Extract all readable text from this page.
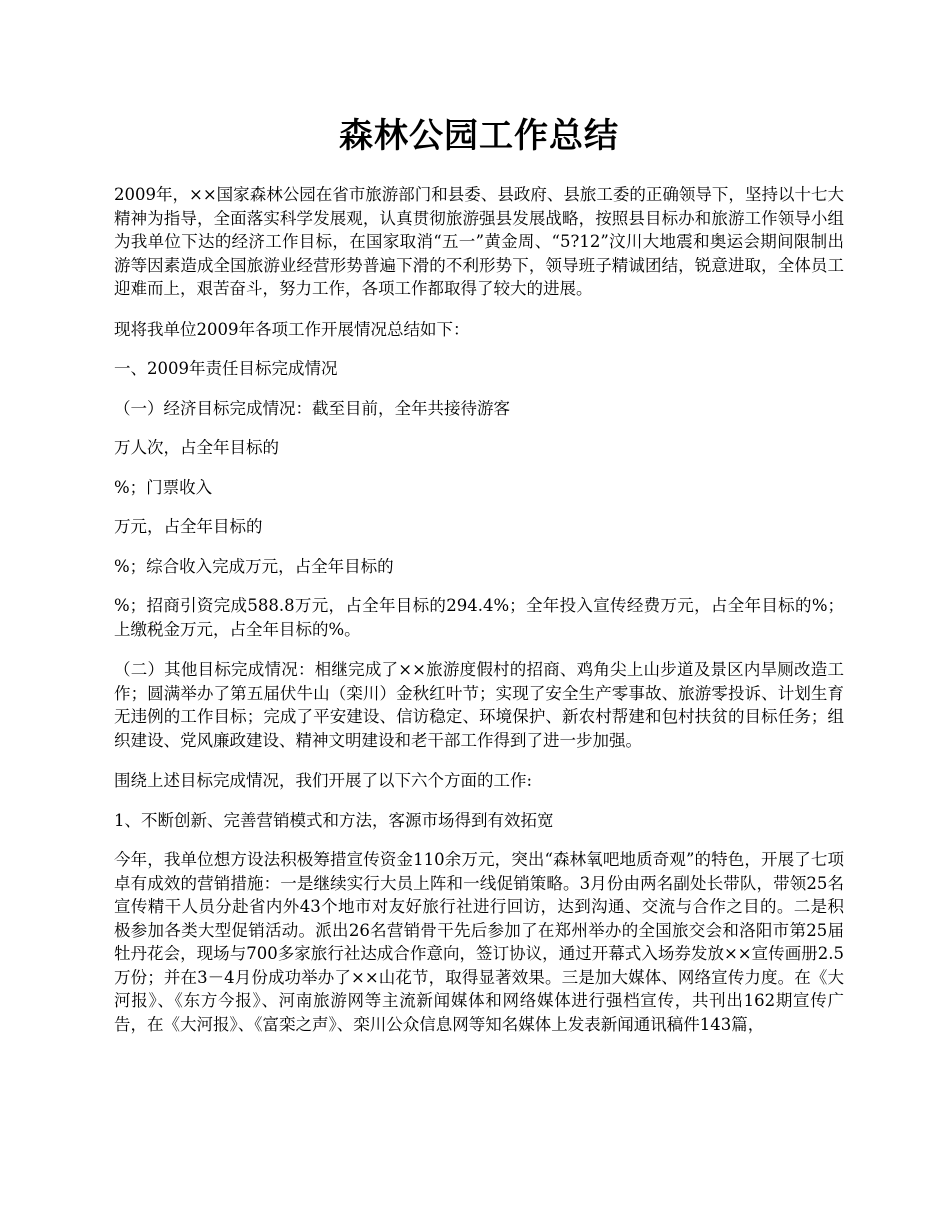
森林公园工作总结

2009年，××国家森林公园在省市旅游部门和县委、县政府、县旅工委的正确领导下，坚持以十七大精神为指导，全面落实科学发展观，认真贯彻旅游强县发展战略，按照县目标办和旅游工作领导小组为我单位下达的经济工作目标，在国家取消“五一”黄金周、“5?12”汶川大地震和奥运会期间限制出游等因素造成全国旅游业经营形势普遍下滑的不利形势下，领导班子精诚团结，锐意进取，全体员工迎难而上，艰苦奋斗，努力工作，各项工作都取得了较大的进展。

现将我单位2009年各项工作开展情况总结如下：

一、2009年责任目标完成情况

（一）经济目标完成情况：截至目前，全年共接待游客

万人次，占全年目标的

%；门票收入

万元，占全年目标的

%；综合收入完成万元，占全年目标的

%；招商引资完成588.8万元，占全年目标的294.4%；全年投入宣传经费万元，占全年目标的%；上缴税金万元，占全年目标的%。

（二）其他目标完成情况：相继完成了××旅游度假村的招商、鸡角尖上山步道及景区内旱厕改造工作；圆满举办了第五届伏牛山（栾川）金秋红叶节；实现了安全生产零事故、旅游零投诉、计划生育无违例的工作目标；完成了平安建设、信访稳定、环境保护、新农村帮建和包村扶贫的目标任务；组织建设、党风廉政建设、精神文明建设和老干部工作得到了进一步加强。

围绕上述目标完成情况，我们开展了以下六个方面的工作:

1、不断创新、完善营销模式和方法，客源市场得到有效拓宽

今年，我单位想方设法积极筹措宣传资金110余万元，突出“森林氧吧地质奇观”的特色，开展了七项卓有成效的营销措施：一是继续实行大员上阵和一线促销策略。3月份由两名副处长带队，带领25名宣传精干人员分赴省内外43个地市对友好旅行社进行回访，达到沟通、交流与合作之目的。二是积极参加各类大型促销活动。派出26名营销骨干先后参加了在郑州举办的全国旅交会和洛阳市第25届牡丹花会，现场与700多家旅行社达成合作意向，签订协议，通过开幕式入场券发放××宣传画册2.5万份；并在3－4月份成功举办了××山花节，取得显著效果。三是加大媒体、网络宣传力度。在《大河报》、《东方今报》、河南旅游网等主流新闻媒体和网络媒体进行强档宣传，共刊出162期宣传广告，在《大河报》、《富栾之声》、栾川公众信息网等知名媒体上发表新闻通讯稿件143篇，
